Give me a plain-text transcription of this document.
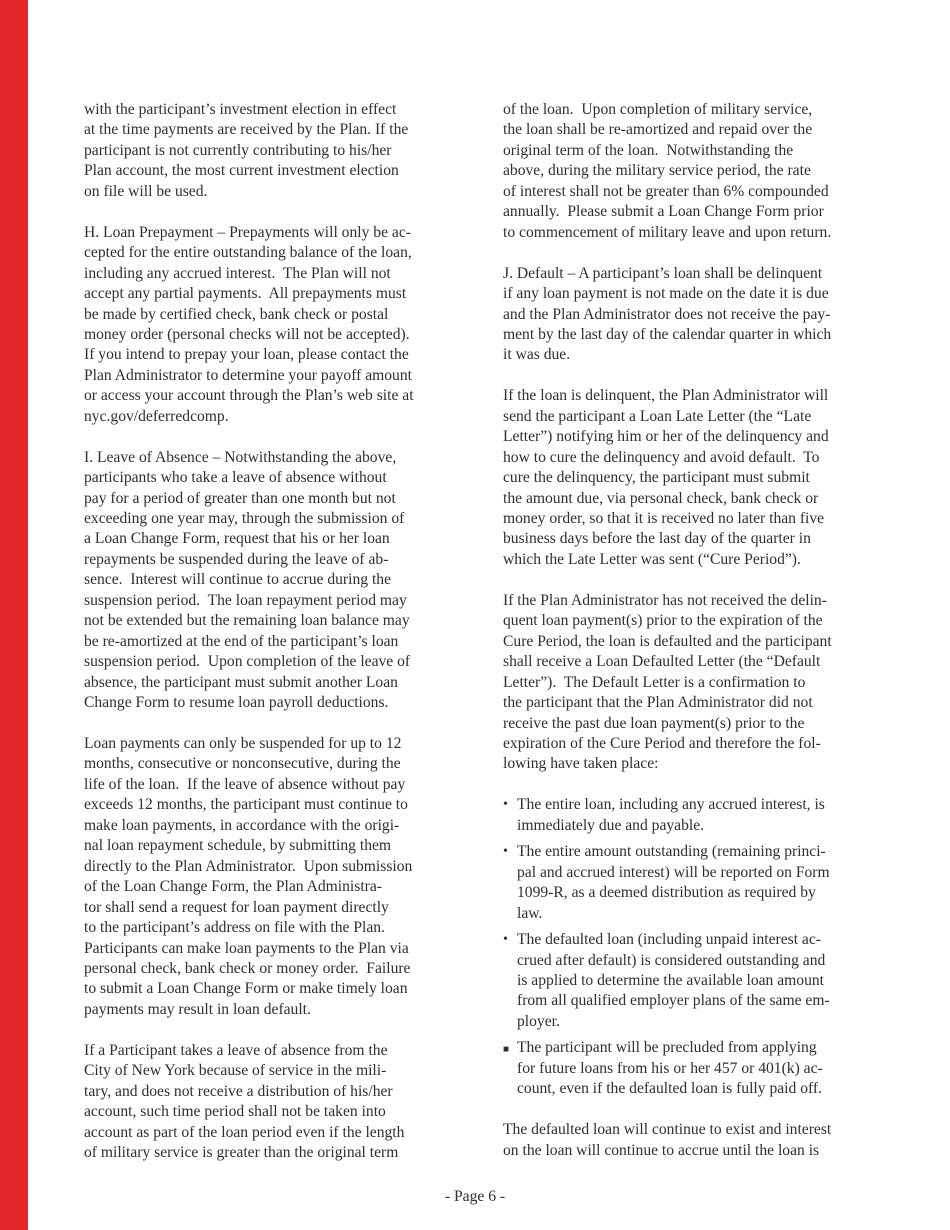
with the participant’s investment election in effect
at the time payments are received by the Plan. If the
participant is not currently contributing to his/her
Plan account, the most current investment election
on file will be used.
H. Loan Prepayment – Prepayments will only be ac-
cepted for the entire outstanding balance of the loan,
including any accrued interest.  The Plan will not
accept any partial payments.  All prepayments must
be made by certified check, bank check or postal
money order (personal checks will not be accepted).
If you intend to prepay your loan, please contact the
Plan Administrator to determine your payoff amount
or access your account through the Plan’s web site at
nyc.gov/deferredcomp.
I. Leave of Absence – Notwithstanding the above,
participants who take a leave of absence without
pay for a period of greater than one month but not
exceeding one year may, through the submission of
a Loan Change Form, request that his or her loan
repayments be suspended during the leave of ab-
sence.  Interest will continue to accrue during the
suspension period.  The loan repayment period may
not be extended but the remaining loan balance may
be re-amortized at the end of the participant’s loan
suspension period.  Upon completion of the leave of
absence, the participant must submit another Loan
Change Form to resume loan payroll deductions.
Loan payments can only be suspended for up to 12
months, consecutive or nonconsecutive, during the
life of the loan.  If the leave of absence without pay
exceeds 12 months, the participant must continue to
make loan payments, in accordance with the origi-
nal loan repayment schedule, by submitting them
directly to the Plan Administrator.  Upon submission
of the Loan Change Form, the Plan Administra-
tor shall send a request for loan payment directly
to the participant’s address on file with the Plan.
Participants can make loan payments to the Plan via
personal check, bank check or money order.  Failure
to submit a Loan Change Form or make timely loan
payments may result in loan default.
If a Participant takes a leave of absence from the
City of New York because of service in the mili-
tary, and does not receive a distribution of his/her
account, such time period shall not be taken into
account as part of the loan period even if the length
of military service is greater than the original term
of the loan.  Upon completion of military service,
the loan shall be re-amortized and repaid over the
original term of the loan.  Notwithstanding the
above, during the military service period, the rate
of interest shall not be greater than 6% compounded
annually.  Please submit a Loan Change Form prior
to commencement of military leave and upon return.
J. Default – A participant’s loan shall be delinquent
if any loan payment is not made on the date it is due
and the Plan Administrator does not receive the pay-
ment by the last day of the calendar quarter in which
it was due.
If the loan is delinquent, the Plan Administrator will
send the participant a Loan Late Letter (the “Late
Letter”) notifying him or her of the delinquency and
how to cure the delinquency and avoid default.  To
cure the delinquency, the participant must submit
the amount due, via personal check, bank check or
money order, so that it is received no later than five
business days before the last day of the quarter in
which the Late Letter was sent (“Cure Period”).
If the Plan Administrator has not received the delin-
quent loan payment(s) prior to the expiration of the
Cure Period, the loan is defaulted and the participant
shall receive a Loan Defaulted Letter (the “Default
Letter”).  The Default Letter is a confirmation to
the participant that the Plan Administrator did not
receive the past due loan payment(s) prior to the
expiration of the Cure Period and therefore the fol-
lowing have taken place:
• The entire loan, including any accrued interest, is
immediately due and payable.
• The entire amount outstanding (remaining princi-
pal and accrued interest) will be reported on Form
1099-R, as a deemed distribution as required by
law.
• The defaulted loan (including unpaid interest ac-
crued after default) is considered outstanding and
is applied to determine the available loan amount
from all qualified employer plans of the same em-
ployer.
■ The participant will be precluded from applying
for future loans from his or her 457 or 401(k) ac-
count, even if the defaulted loan is fully paid off.
The defaulted loan will continue to exist and interest
on the loan will continue to accrue until the loan is
- Page 6 -
